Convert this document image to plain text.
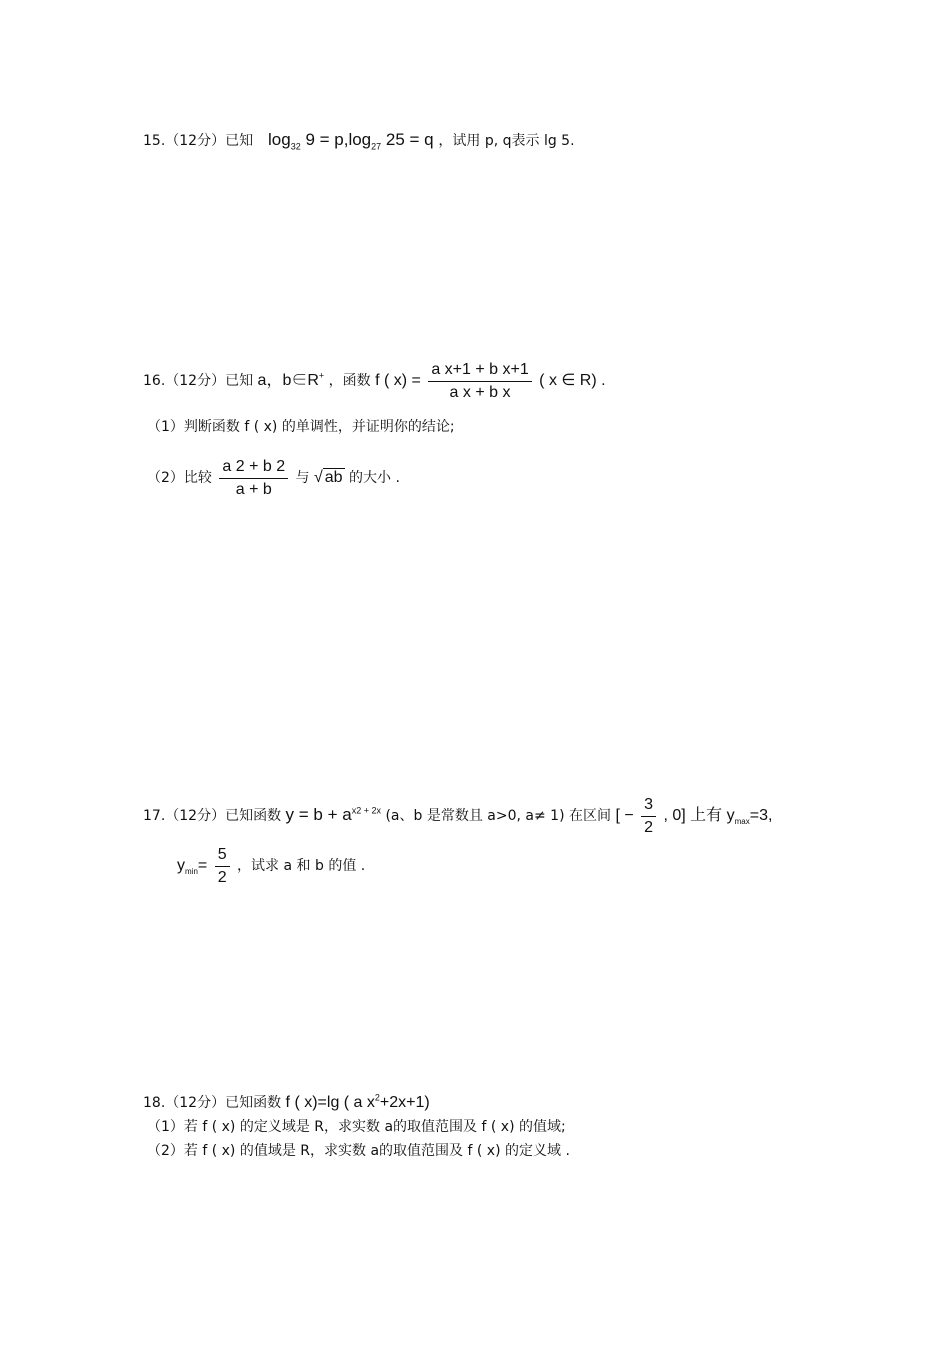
15.（12分）已知 $\log_{32} 9 = p,\log_{27}$ 25 = q ，试用 p, q表示 lg 5.
16.（12分）已知 a，b∈R+ ，函数 f ( $x) = \frac{\text{a x+1 + b x+1}}{\text{a x + b x}}$ ( x ∈ R) .
（1）判断函数 f ( x) 的单调性，并证明你的结论;
（2）比较 $\frac{a 2 + b 2}{a + b}$ 与 √ ab 的大小 .
17.（12分）已知函数 $y = b + a^{x2 + 2x}$ (a、b 是常数且 a>0, a≠ 1) 在区间 [ − $\frac{3}{2}$ , 0] 上有 $y_{max}=3$,
$y_{min}= \frac{5}{2}$ ，试求 a 和 b 的值 .
18.（12分）已知函数 f ( x)=lg ( a $x^2+2x+1$)
（1）若 f ( x) 的定义域是 R，求实数 a的取值范围及 f ( x) 的值域;
（2）若 f ( x) 的值域是 R，求实数 a的取值范围及 f ( x) 的定义域 .
